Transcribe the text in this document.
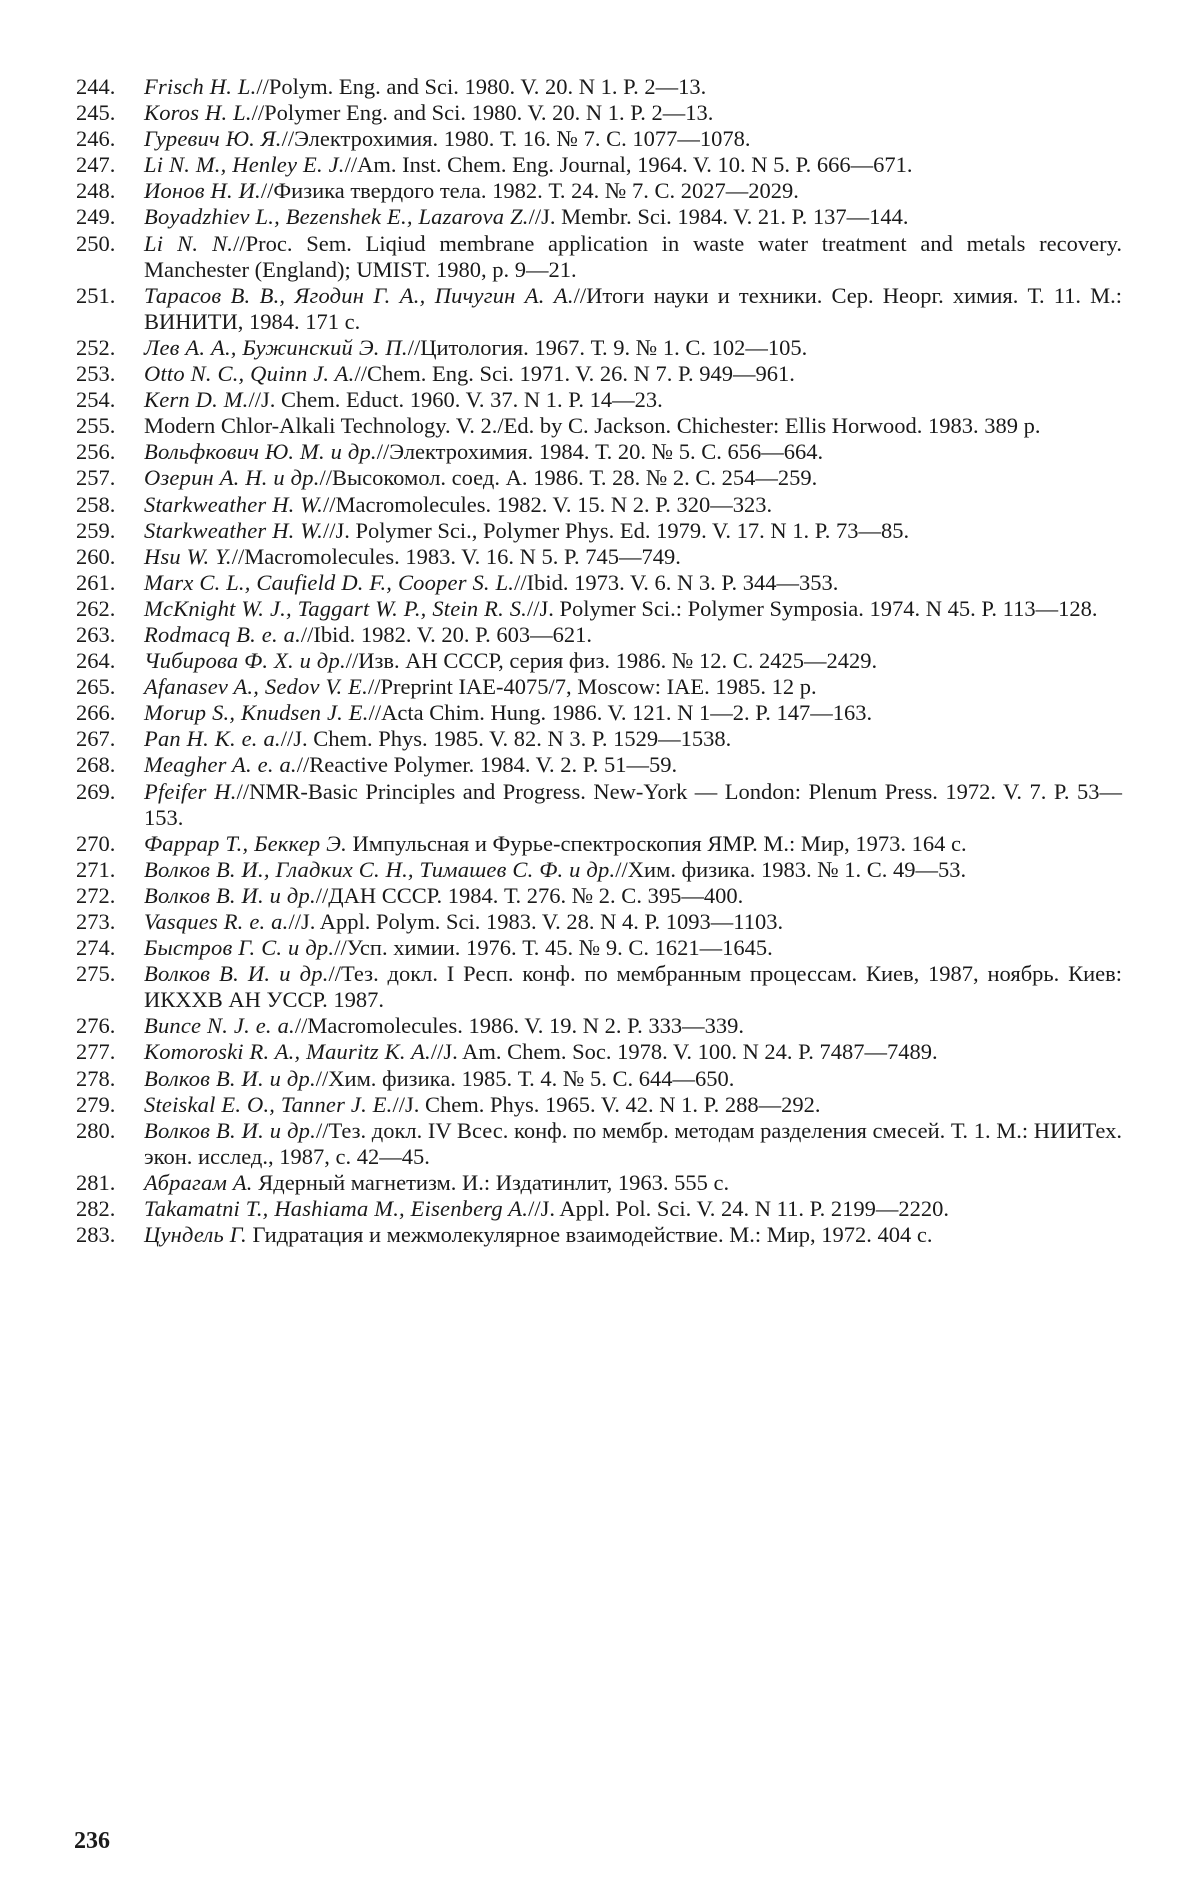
244.	Frisch H. L.//Polym. Eng. and Sci. 1980. V. 20. N 1. P. 2—13.
245.	Koros H. L.//Polymer Eng. and Sci. 1980. V. 20. N 1. P. 2—13.
246.	Гуревич Ю. Я.//Электрохимия. 1980. Т. 16. № 7. С. 1077—1078.
247.	Li N. M., Henley E. J.//Am. Inst. Chem. Eng. Journal, 1964. V. 10. N 5. P. 666—671.
248.	Ионов Н. И.//Физика твердого тела. 1982. Т. 24. № 7. С. 2027—2029.
249.	Boyadzhiev L., Bezenshek E., Lazarova Z.//J. Membr. Sci. 1984. V. 21. P. 137—144.
250.	Li N. N.//Proc. Sem. Liqiud membrane application in waste water treatment and metals recovery. Manchester (England); UMIST. 1980, p. 9—21.
251.	Тарасов В. В., Ягодин Г. А., Пичугин А. А.//Итоги науки и техники. Сер. Неорг. химия. Т. 11. М.: ВИНИТИ, 1984. 171 с.
252.	Лев А. А., Бужинский Э. П.//Цитология. 1967. Т. 9. № 1. С. 102—105.
253.	Otto N. C., Quinn J. A.//Chem. Eng. Sci. 1971. V. 26. N 7. P. 949—961.
254.	Kern D. M.//J. Chem. Educt. 1960. V. 37. N 1. P. 14—23.
255.	Modern Chlor-Alkali Technology. V. 2./Ed. by C. Jackson. Chichester: Ellis Horwood. 1983. 389 p.
256.	Вольфкович Ю. М. и др.//Электрохимия. 1984. Т. 20. № 5. С. 656—664.
257.	Озерин А. Н. и др.//Высокомол. соед. А. 1986. Т. 28. № 2. С. 254—259.
258.	Starkweather H. W.//Macromolecules. 1982. V. 15. N 2. P. 320—323.
259.	Starkweather H. W.//J. Polymer Sci., Polymer Phys. Ed. 1979. V. 17. N 1. P. 73—85.
260.	Hsu W. Y.//Macromolecules. 1983. V. 16. N 5. P. 745—749.
261.	Marx C. L., Caufield D. F., Cooper S. L.//Ibid. 1973. V. 6. N 3. P. 344—353.
262.	McKnight W. J., Taggart W. P., Stein R. S.//J. Polymer Sci.: Polymer Symposia. 1974. N 45. P. 113—128.
263.	Rodmacq B. e. a.//Ibid. 1982. V. 20. P. 603—621.
264.	Чибирова Ф. Х. и др.//Изв. АН СССР, серия физ. 1986. № 12. С. 2425—2429.
265.	Afanasev A., Sedov V. E.//Preprint IAE-4075/7, Moscow: IAE. 1985. 12 p.
266.	Morup S., Knudsen J. E.//Acta Chim. Hung. 1986. V. 121. N 1—2. P. 147—163.
267.	Pan H. K. e. a.//J. Chem. Phys. 1985. V. 82. N 3. P. 1529—1538.
268.	Meagher A. e. a.//Reactive Polymer. 1984. V. 2. P. 51—59.
269.	Pfeifer H.//NMR-Basic Principles and Progress. New-York — London: Plenum Press. 1972. V. 7. P. 53—153.
270.	Фаррар Т., Беккер Э. Импульсная и Фурье-спектроскопия ЯМР. М.: Мир, 1973. 164 с.
271.	Волков В. И., Гладких С. Н., Тимашев С. Ф. и др.//Хим. физика. 1983. № 1. С. 49—53.
272.	Волков В. И. и др.//ДАН СССР. 1984. Т. 276. № 2. С. 395—400.
273.	Vasques R. e. a.//J. Appl. Polym. Sci. 1983. V. 28. N 4. P. 1093—1103.
274.	Быстров Г. С. и др.//Усп. химии. 1976. Т. 45. № 9. С. 1621—1645.
275.	Волков В. И. и др.//Тез. докл. I Респ. конф. по мембранным процессам. Киев, 1987, ноябрь. Киев: ИКХХВ АН УССР. 1987.
276.	Bunce N. J. e. a.//Macromolecules. 1986. V. 19. N 2. P. 333—339.
277.	Komoroski R. A., Mauritz K. A.//J. Am. Chem. Soc. 1978. V. 100. N 24. P. 7487—7489.
278.	Волков В. И. и др.//Хим. физика. 1985. Т. 4. № 5. С. 644—650.
279.	Steiskal E. O., Tanner J. E.//J. Chem. Phys. 1965. V. 42. N 1. P. 288—292.
280.	Волков В. И. и др.//Тез. докл. IV Всес. конф. по мембр. методам разделения смесей. Т. 1. М.: НИИТех. экон. исслед., 1987, с. 42—45.
281.	Абрагам А. Ядерный магнетизм. И.: Издатинлит, 1963. 555 с.
282.	Takamatni T., Hashiama M., Eisenberg A.//J. Appl. Pol. Sci. V. 24. N 11. P. 2199—2220.
283.	Цундель Г. Гидратация и межмолекулярное взаимодействие. М.: Мир, 1972. 404 с.
236
